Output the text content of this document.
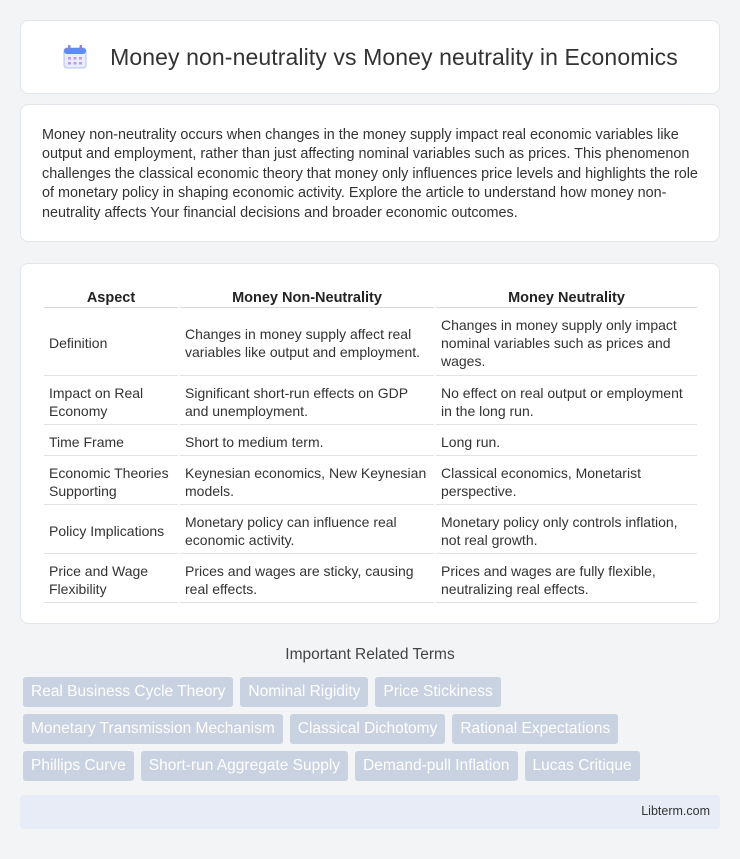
Money non-neutrality vs Money neutrality in Economics

Money non-neutrality occurs when changes in the money supply impact real economic variables like output and employment, rather than just affecting nominal variables such as prices. This phenomenon challenges the classical economic theory that money only influences price levels and highlights the role of monetary policy in shaping economic activity. Explore the article to understand how money non-neutrality affects Your financial decisions and broader economic outcomes.

Aspect	Money Non-Neutrality	Money Neutrality
Definition	Changes in money supply affect real variables like output and employment.	Changes in money supply only impact nominal variables such as prices and wages.
Impact on Real Economy	Significant short-run effects on GDP and unemployment.	No effect on real output or employment in the long run.
Time Frame	Short to medium term.	Long run.
Economic Theories Supporting	Keynesian economics, New Keynesian models.	Classical economics, Monetarist perspective.
Policy Implications	Monetary policy can influence real economic activity.	Monetary policy only controls inflation, not real growth.
Price and Wage Flexibility	Prices and wages are sticky, causing real effects.	Prices and wages are fully flexible, neutralizing real effects.
Important Related Terms
Real Business Cycle Theory	Nominal Rigidity	Price Stickiness
Monetary Transmission Mechanism	Classical Dichotomy	Rational Expectations
Phillips Curve	Short-run Aggregate Supply	Demand-pull Inflation	Lucas Critique
Libterm.com
